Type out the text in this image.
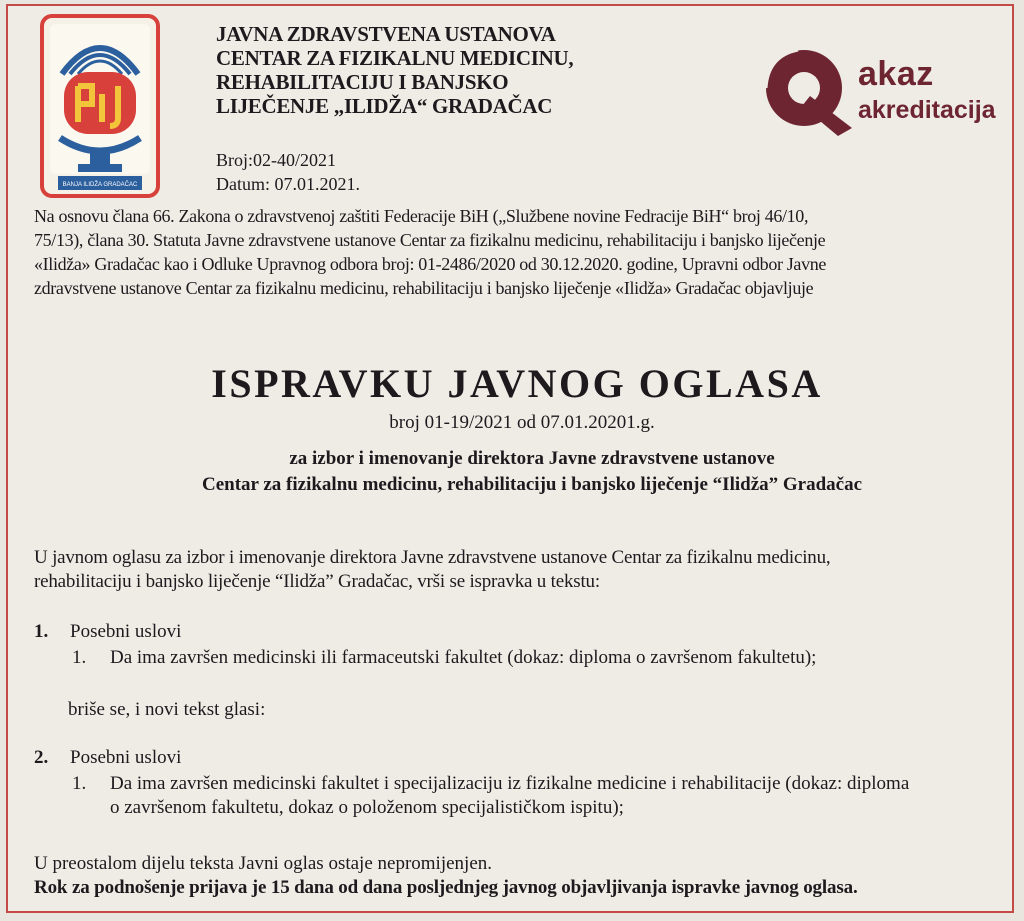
BANJA ILIDŽA GRADAČAC
JAVNA ZDRAVSTVENA USTANOVA
CENTAR ZA FIZIKALNU MEDICINU,
REHABILITACIJU I BANJSKO
LIJEČENJE „ILIDŽA“ GRADAČAC
Broj:02-40/2021
Datum: 07.01.2021.
akaz
akreditacija
Na osnovu člana 66. Zakona o zdravstvenoj zaštiti Federacije BiH („Službene novine Fedracije BiH“ broj 46/10,
75/13), člana 30. Statuta Javne zdravstvene ustanove Centar za fizikalnu medicinu, rehabilitaciju i banjsko liječenje
«Ilidža» Gradačac kao i Odluke Upravnog odbora broj: 01-2486/2020 od 30.12.2020. godine, Upravni odbor Javne
zdravstvene ustanove Centar za fizikalnu medicinu, rehabilitaciju i banjsko liječenje «Ilidža» Gradačac objavljuje
ISPRAVKU JAVNOG OGLASA
broj 01-19/2021 od 07.01.20201.g.
za izbor i imenovanje direktora Javne zdravstvene ustanove
Centar za fizikalnu medicinu, rehabilitaciju i banjsko liječenje “Ilidža” Gradačac
U javnom oglasu za izbor i imenovanje direktora Javne zdravstvene ustanove Centar za fizikalnu medicinu,
rehabilitaciju i banjsko liječenje “Ilidža” Gradačac, vrši se ispravka u tekstu:
1. Posebni uslovi
1. Da ima završen medicinski ili farmaceutski fakultet (dokaz: diploma o završenom fakultetu);
briše se, i novi tekst glasi:
2. Posebni uslovi
1. Da ima završen medicinski fakultet i specijalizaciju iz fizikalne medicine i rehabilitacije (dokaz: diploma
o završenom fakultetu, dokaz o položenom specijalističkom ispitu);
U preostalom dijelu teksta Javni oglas ostaje nepromijenjen.
Rok za podnošenje prijava je 15 dana od dana posljednjeg javnog objavljivanja ispravke javnog oglasa.
